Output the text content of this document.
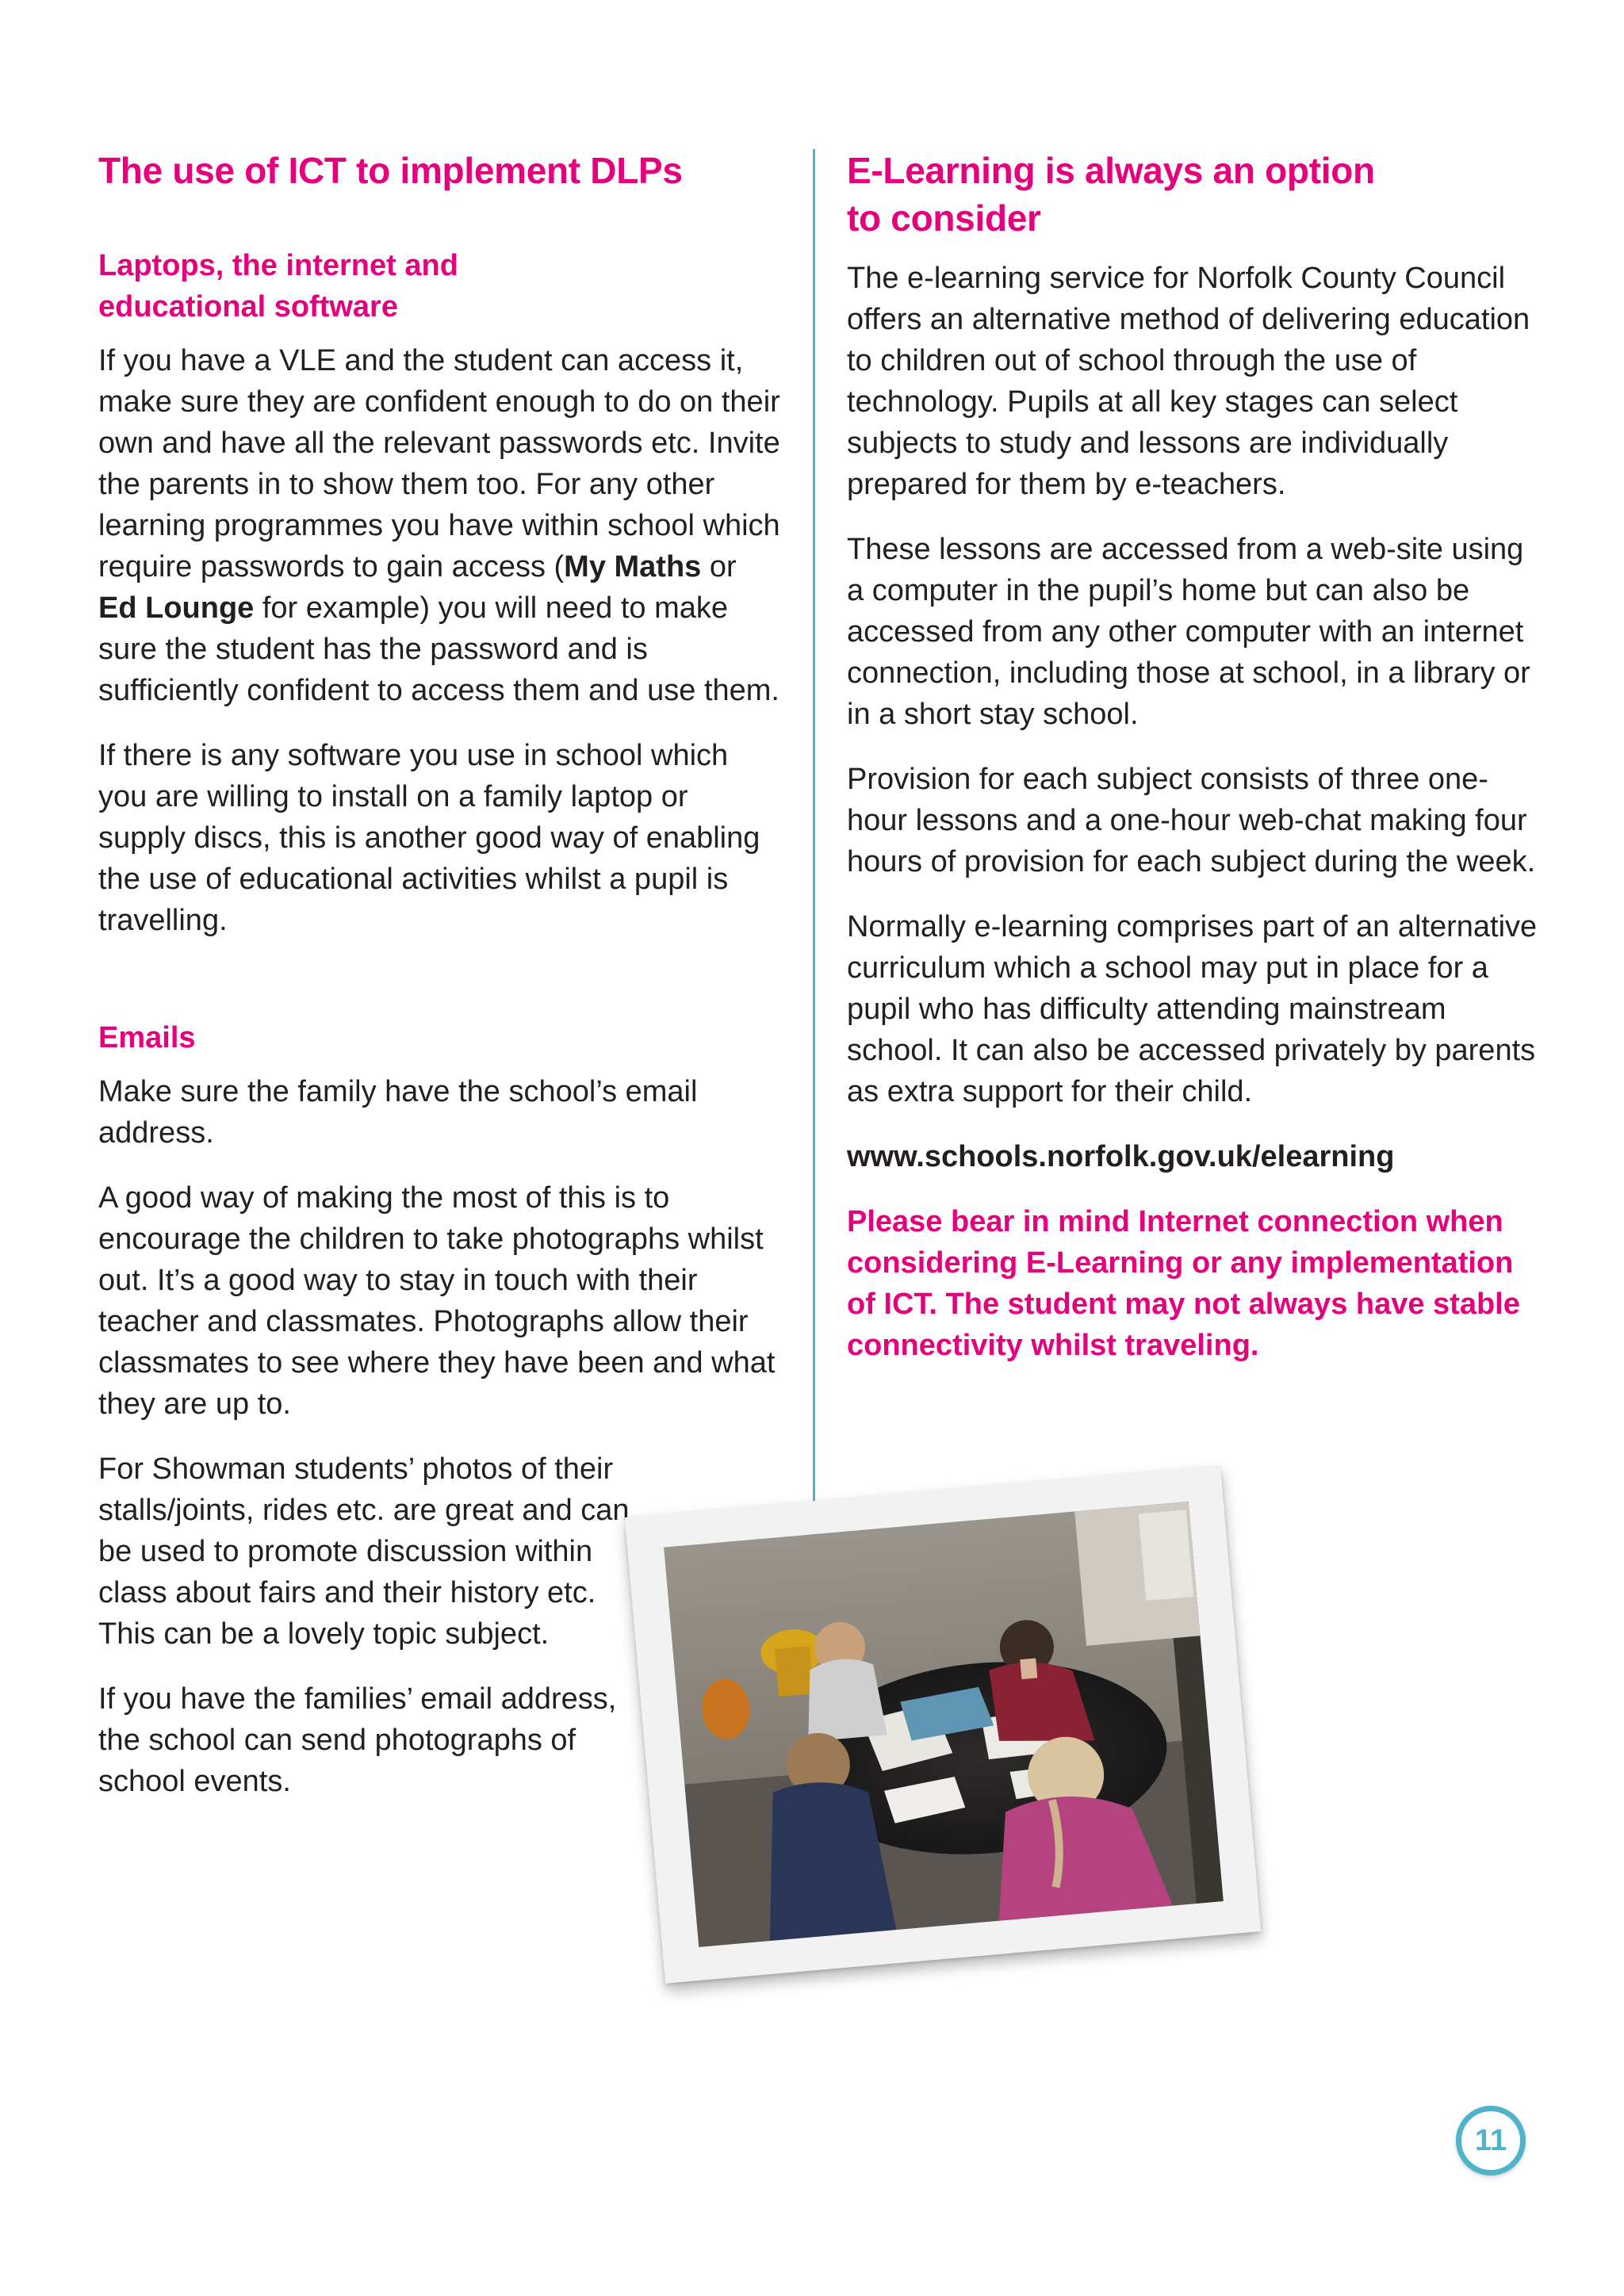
The use of ICT to implement DLPs
Laptops, the internet and
educational software

If you have a VLE and the student can access it, make sure they are confident enough to do on their own and have all the relevant passwords etc. Invite the parents in to show them too. For any other learning programmes you have within school which require passwords to gain access (My Maths or Ed Lounge for example) you will need to make sure the student has the password and is sufficiently confident to access them and use them.

If there is any software you use in school which you are willing to install on a family laptop or supply discs, this is another good way of enabling the use of educational activities whilst a pupil is travelling.

Emails

Make sure the family have the school’s email address.

A good way of making the most of this is to encourage the children to take photographs whilst out. It’s a good way to stay in touch with their teacher and classmates. Photographs allow their classmates to see where they have been and what they are up to.

For Showman students’ photos of their stalls/joints, rides etc. are great and can be used to promote discussion within class about fairs and their history etc. This can be a lovely topic subject.

If you have the families’ email address, the school can send photographs of school events.

E-Learning is always an option
to consider

The e-learning service for Norfolk County Council offers an alternative method of delivering education to children out of school through the use of technology. Pupils at all key stages can select subjects to study and lessons are individually prepared for them by e-teachers.

These lessons are accessed from a web-site using a computer in the pupil’s home but can also be accessed from any other computer with an internet connection, including those at school, in a library or in a short stay school.

Provision for each subject consists of three one-hour lessons and a one-hour web-chat making four hours of provision for each subject during the week.

Normally e-learning comprises part of an alternative curriculum which a school may put in place for a pupil who has difficulty attending mainstream school. It can also be accessed privately by parents as extra support for their child.

www.schools.norfolk.gov.uk/elearning

Please bear in mind Internet connection when considering E-Learning or any implementation of ICT. The student may not always have stable connectivity whilst traveling.

11
